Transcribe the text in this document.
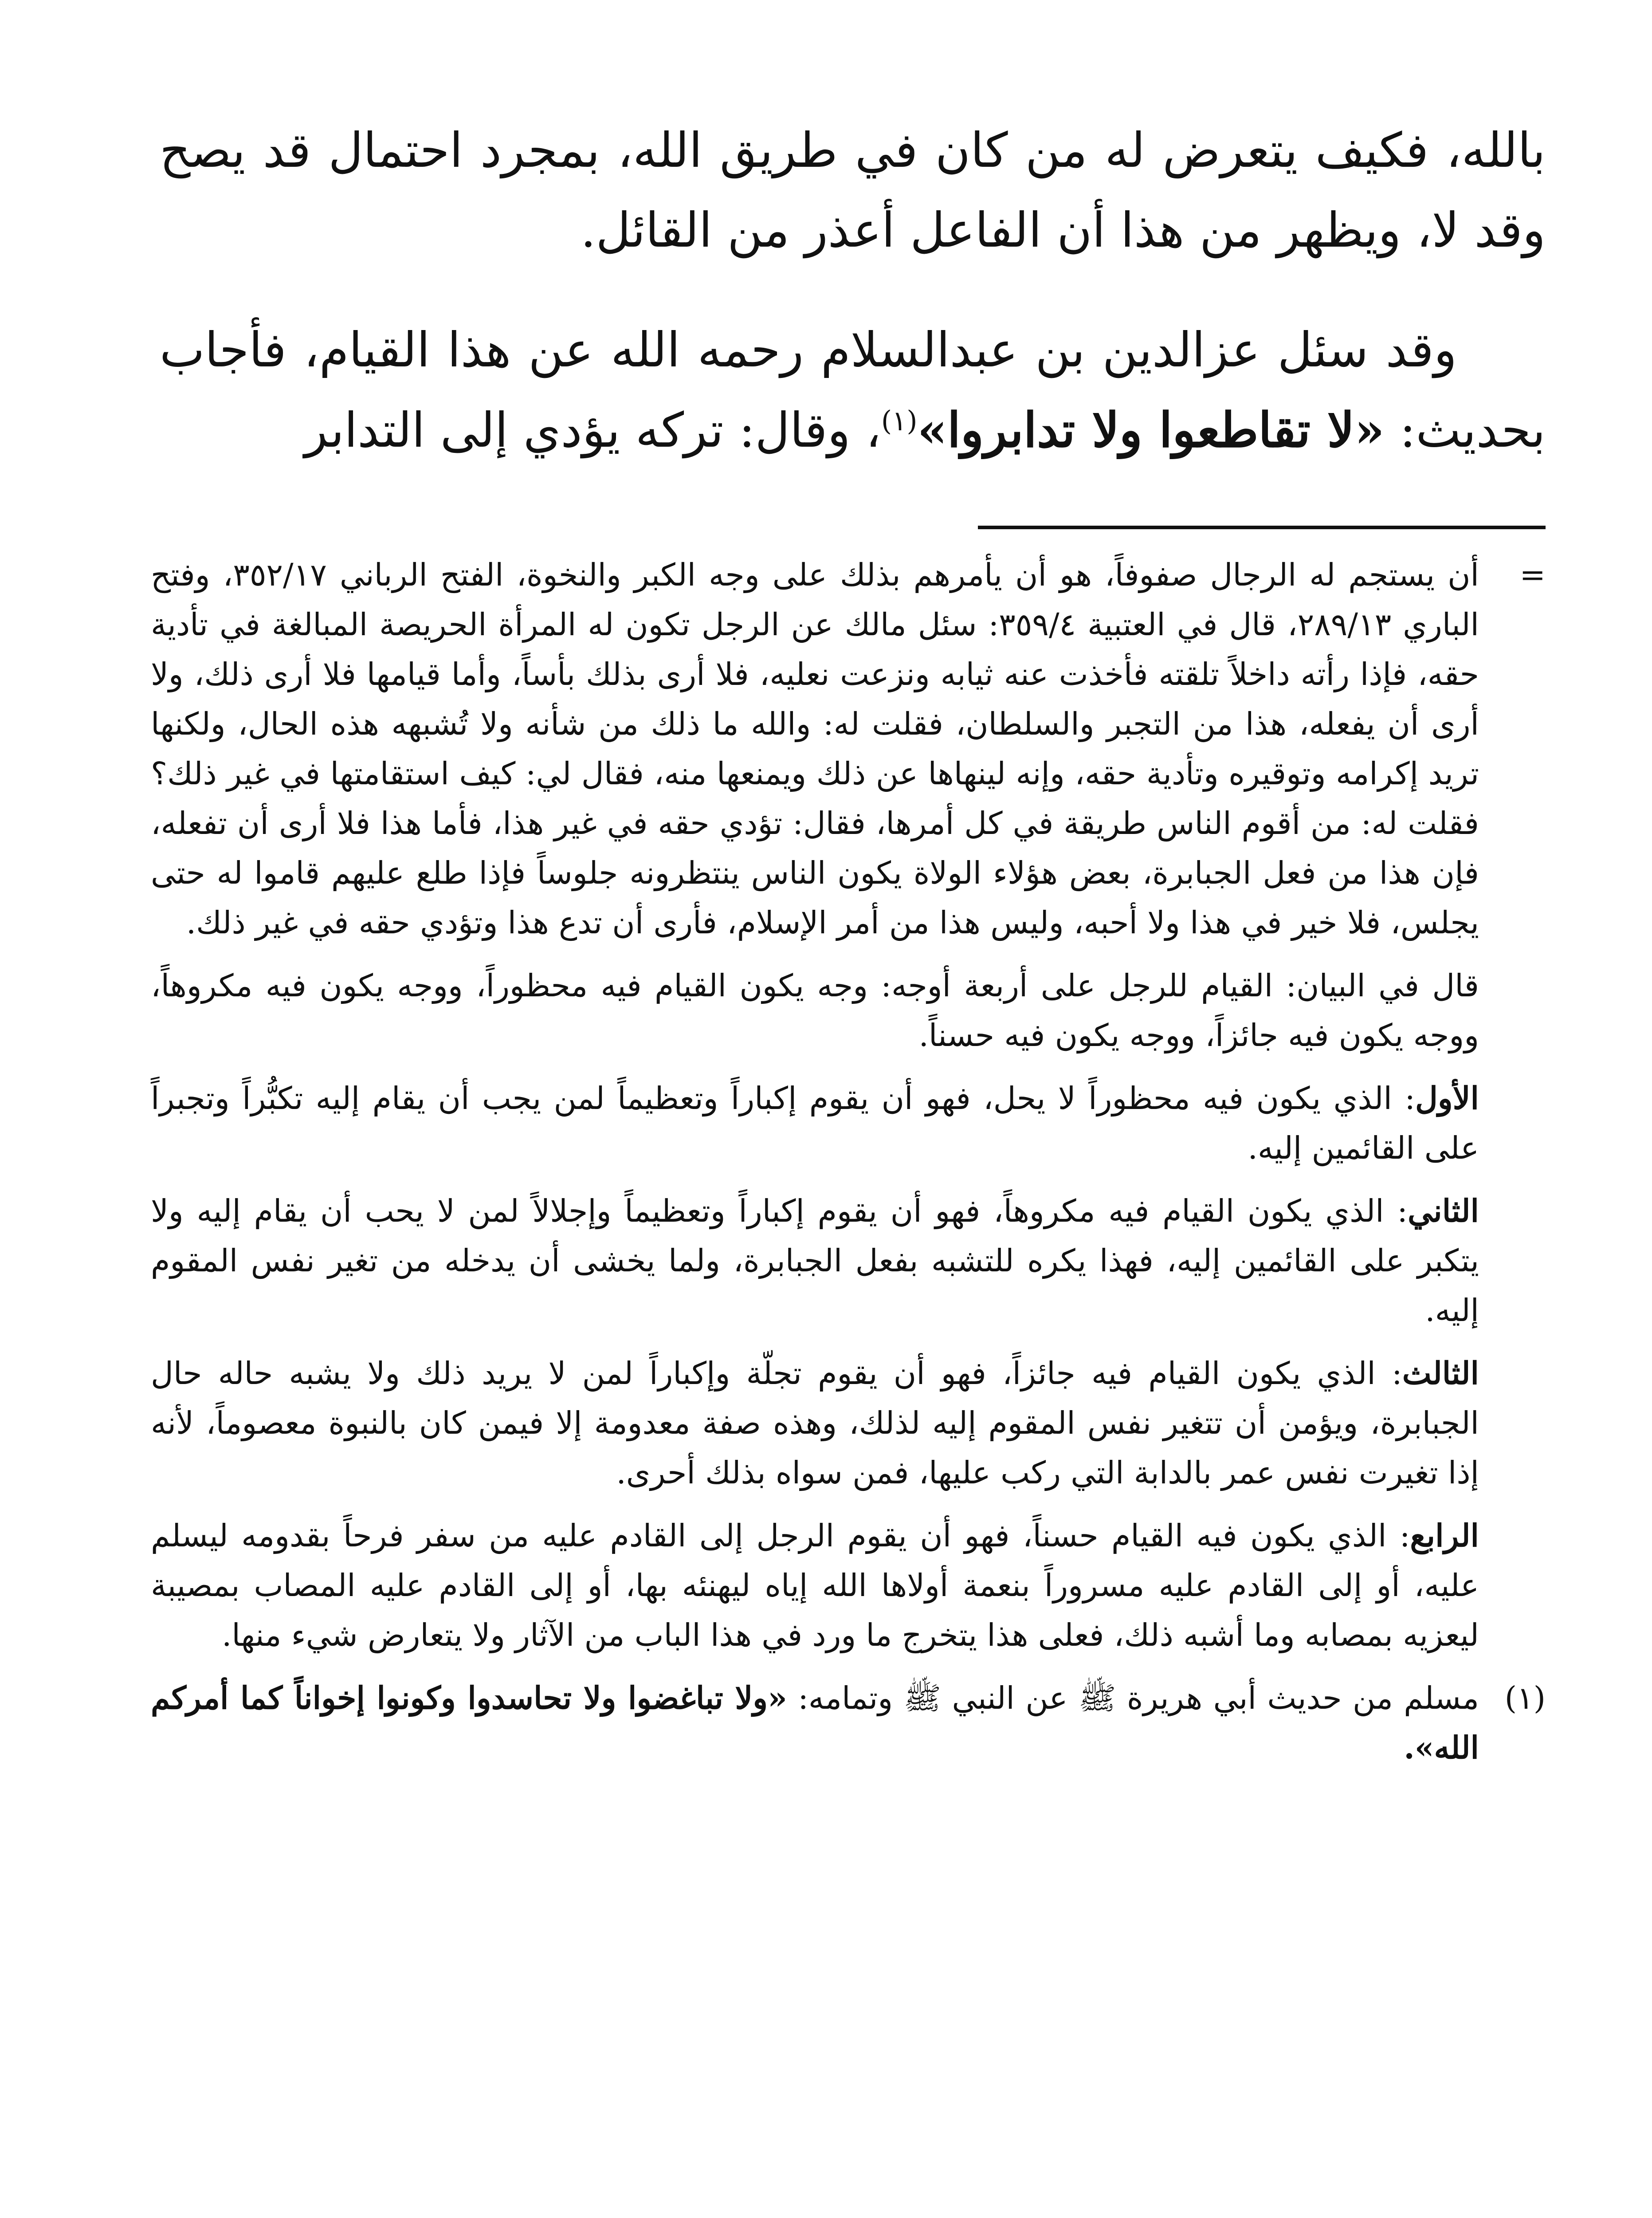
بالله، فكيف يتعرض له من كان في طريق الله، بمجرد احتمال قد يصح وقد لا، ويظهر من هذا أن الفاعل أعذر من القائل.

وقد سئل عزالدين بن عبدالسلام رحمه الله عن هذا القيام، فأجاب بحديث: «لا تقاطعوا ولا تدابروا»$^{(١)}$، وقال: تركه يؤدي إلى التدابر

=
أن يستجم له الرجال صفوفاً، هو أن يأمرهم بذلك على وجه الكبر والنخوة، الفتح الرباني ٣٥٢/١٧، وفتح الباري ٢٨٩/١٣، قال في العتبية ٣٥٩/٤: سئل مالك عن الرجل تكون له المرأة الحريصة المبالغة في تأدية حقه، فإذا رأته داخلاً تلقته فأخذت عنه ثيابه ونزعت نعليه، فلا أرى بذلك بأساً، وأما قيامها فلا أرى ذلك، ولا أرى أن يفعله، هذا من التجبر والسلطان، فقلت له: والله ما ذلك من شأنه ولا تُشبهه هذه الحال، ولكنها تريد إكرامه وتوقيره وتأدية حقه، وإنه لينهاها عن ذلك ويمنعها منه، فقال لي: كيف استقامتها في غير ذلك؟ فقلت له: من أقوم الناس طريقة في كل أمرها، فقال: تؤدي حقه في غير هذا، فأما هذا فلا أرى أن تفعله، فإن هذا من فعل الجبابرة، بعض هؤلاء الولاة يكون الناس ينتظرونه جلوساً فإذا طلع عليهم قاموا له حتى يجلس، فلا خير في هذا ولا أحبه، وليس هذا من أمر الإسلام، فأرى أن تدع هذا وتؤدي حقه في غير ذلك.

قال في البيان: القيام للرجل على أربعة أوجه: وجه يكون القيام فيه محظوراً، ووجه يكون فيه مكروهاً، ووجه يكون فيه جائزاً، ووجه يكون فيه حسناً.

الأول: الذي يكون فيه محظوراً لا يحل، فهو أن يقوم إكباراً وتعظيماً لمن يجب أن يقام إليه تكبُّراً وتجبراً على القائمين إليه.

الثاني: الذي يكون القيام فيه مكروهاً، فهو أن يقوم إكباراً وتعظيماً وإجلالاً لمن لا يحب أن يقام إليه ولا يتكبر على القائمين إليه، فهذا يكره للتشبه بفعل الجبابرة، ولما يخشى أن يدخله من تغير نفس المقوم إليه.

الثالث: الذي يكون القيام فيه جائزاً، فهو أن يقوم تجلّة وإكباراً لمن لا يريد ذلك ولا يشبه حاله حال الجبابرة، ويؤمن أن تتغير نفس المقوم إليه لذلك، وهذه صفة معدومة إلا فيمن كان بالنبوة معصوماً، لأنه إذا تغيرت نفس عمر بالدابة التي ركب عليها، فمن سواه بذلك أحرى.

الرابع: الذي يكون فيه القيام حسناً، فهو أن يقوم الرجل إلى القادم عليه من سفر فرحاً بقدومه ليسلم عليه، أو إلى القادم عليه مسروراً بنعمة أولاها الله إياه ليهنئه بها، أو إلى القادم عليه المصاب بمصيبة ليعزيه بمصابه وما أشبه ذلك، فعلى هذا يتخرج ما ورد في هذا الباب من الآثار ولا يتعارض شيء منها.

(١)
مسلم من حديث أبي هريرة ﷺ عن النبي ﷺ وتمامه: «ولا تباغضوا ولا تحاسدوا وكونوا إخواناً كما أمركم الله».
